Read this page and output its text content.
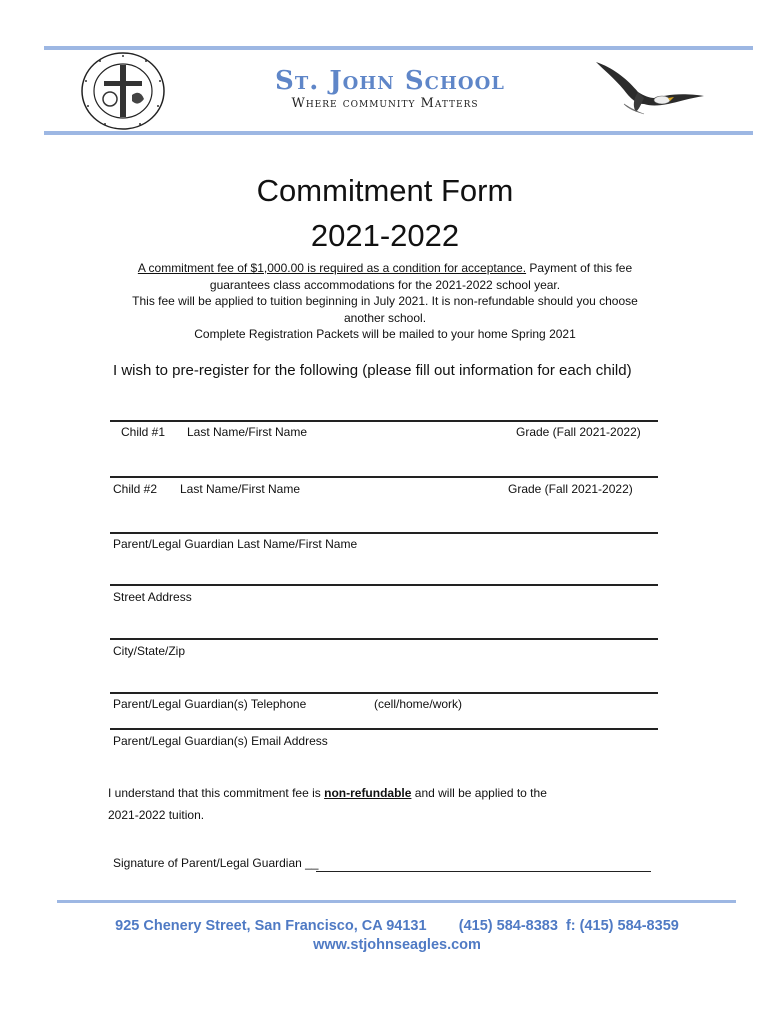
St. John School
Where community Matters
Commitment Form
2021-2022
A commitment fee of $1,000.00 is required as a condition for acceptance. Payment of this fee
guarantees class accommodations for the 2021-2022 school year.
This fee will be applied to tuition beginning in July 2021. It is non-refundable should you choose
another school.
Complete Registration Packets will be mailed to your home Spring 2021
I wish to pre-register for the following (please fill out information for each child)
Child #1 Last Name/First Name	Grade (Fall 2021-2022)
Child #2 Last Name/First Name	Grade (Fall 2021-2022)
Parent/Legal Guardian Last Name/First Name
Street Address
City/State/Zip
Parent/Legal Guardian(s) Telephone	(cell/home/work)
Parent/Legal Guardian(s) Email Address
I understand that this commitment fee is non-refundable and will be applied to the
2021-2022 tuition.
Signature of Parent/Legal Guardian __
925 Chenery Street, San Francisco, CA 94131        (415) 584-8383  f: (415) 584-8359
www.stjohnseagles.com
